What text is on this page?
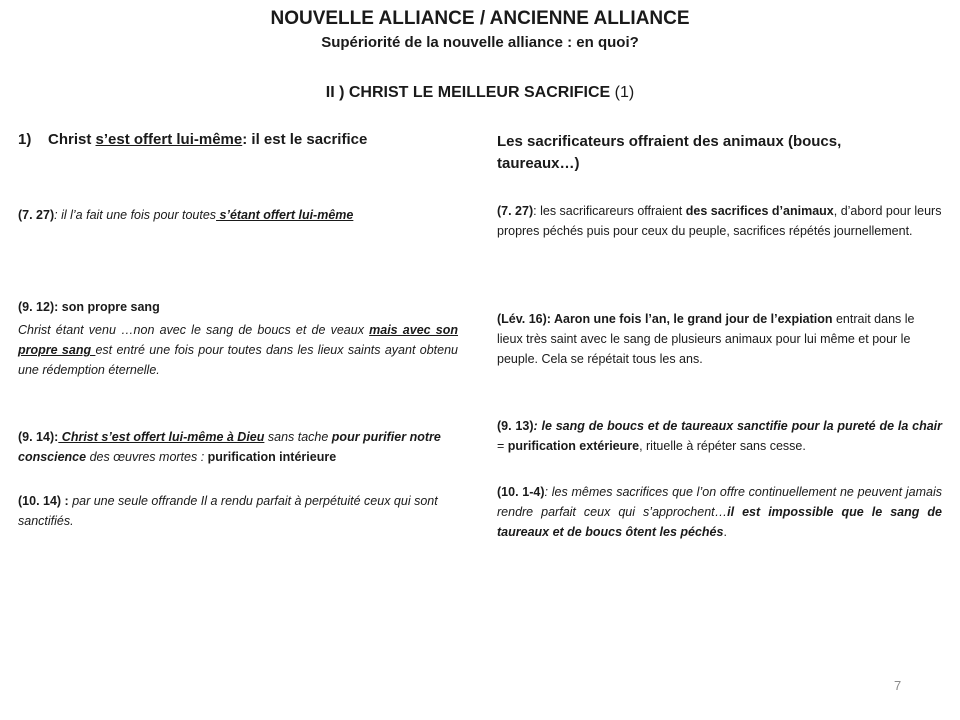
NOUVELLE ALLIANCE / ANCIENNE ALLIANCE
Supériorité de la nouvelle alliance : en quoi?
II ) CHRIST LE MEILLEUR SACRIFICE (1)
1) Christ s’est offert lui-même: il est le sacrifice

(7. 27): il l’a fait une fois pour toutes s’étant offert lui-même

(9. 12): son propre sang

Christ étant venu …non avec le sang de boucs et de veaux mais avec son propre sang est entré une fois pour toutes dans les lieux saints ayant obtenu une rédemption éternelle.

(9. 14): Christ s’est offert lui-même à Dieu sans tache pour purifier notre conscience des œuvres mortes : purification intérieure

(10. 14) : par une seule offrande Il a rendu parfait à perpétuité ceux qui sont sanctifiés.

Les sacrificateurs offraient des animaux (boucs, taureaux…)

(7. 27): les sacrificareurs offraient des sacrifices d’animaux, d’abord pour leurs propres péchés puis pour ceux du peuple, sacrifices répétés journellement.

(Lév. 16): Aaron une fois l’an, le grand jour de l’expiation entrait dans le lieux très saint avec le sang de plusieurs animaux pour lui même et pour le peuple. Cela se répétait tous les ans.

(9. 13): le sang de boucs et de taureaux sanctifie pour la pureté de la chair = purification extérieure, rituelle à répéter sans cesse.

(10. 1-4): les mêmes sacrifices que l’on offre continuellement ne peuvent jamais rendre parfait ceux qui s’approchent…il est impossible que le sang de taureaux et de boucs ôtent les péchés.

7
